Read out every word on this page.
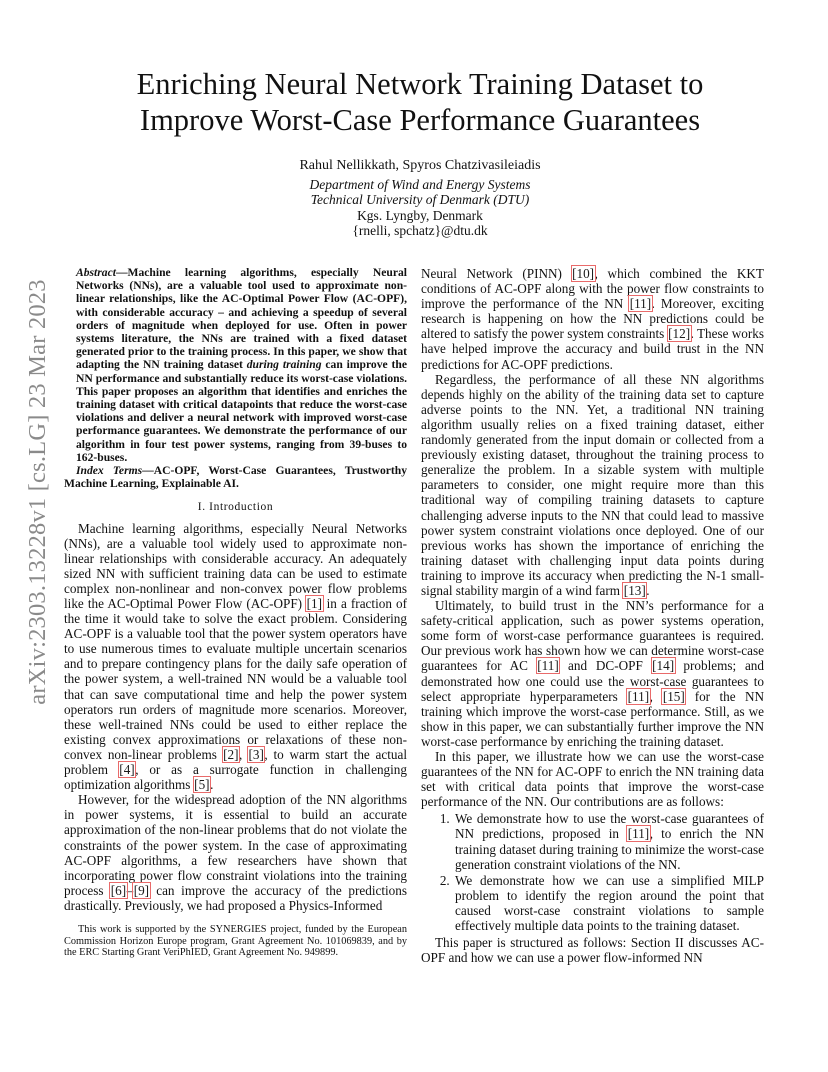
arXiv:2303.13228v1 [cs.LG] 23 Mar 2023
Enriching Neural Network Training Dataset to
Improve Worst-Case Performance Guarantees
Rahul Nellikkath, Spyros Chatzivasileiadis
Department of Wind and Energy Systems
Technical University of Denmark (DTU)
Kgs. Lyngby, Denmark
{rnelli, spchatz}@dtu.dk
Abstract—Machine learning algorithms, especially Neural Networks (NNs), are a valuable tool used to approximate non-linear relationships, like the AC-Optimal Power Flow (AC-OPF), with considerable accuracy – and achieving a speedup of several orders of magnitude when deployed for use. Often in power systems literature, the NNs are trained with a fixed dataset generated prior to the training process. In this paper, we show that adapting the NN training dataset during training can improve the NN performance and substantially reduce its worst-case violations. This paper proposes an algorithm that identifies and enriches the training dataset with critical datapoints that reduce the worst-case violations and deliver a neural network with improved worst-case performance guarantees. We demonstrate the performance of our algorithm in four test power systems, ranging from 39-buses to 162-buses.
Index Terms—AC-OPF, Worst-Case Guarantees, Trustworthy Machine Learning, Explainable AI.
I. Introduction

Machine learning algorithms, especially Neural Networks (NNs), are a valuable tool widely used to approximate non-linear relationships with considerable accuracy. An adequately sized NN with sufficient training data can be used to estimate complex non-nonlinear and non-convex power flow problems like the AC-Optimal Power Flow (AC-OPF) [1] in a fraction of the time it would take to solve the exact problem. Considering AC-OPF is a valuable tool that the power system operators have to use numerous times to evaluate multiple uncertain scenarios and to prepare contingency plans for the daily safe operation of the power system, a well-trained NN would be a valuable tool that can save computational time and help the power system operators run orders of magnitude more scenarios. Moreover, these well-trained NNs could be used to either replace the existing convex approximations or relaxations of these non-convex non-linear problems [2], [3], to warm start the actual problem [4], or as a surrogate function in challenging optimization algorithms [5].

However, for the widespread adoption of the NN algorithms in power systems, it is essential to build an accurate approximation of the non-linear problems that do not violate the constraints of the power system. In the case of approximating AC-OPF algorithms, a few researchers have shown that incorporating power flow constraint violations into the training process [6]–[9] can improve the accuracy of the predictions drastically. Previously, we had proposed a Physics-Informed

This work is supported by the SYNERGIES project, funded by the European Commission Horizon Europe program, Grant Agreement No. 101069839, and by the ERC Starting Grant VeriPhIED, Grant Agreement No. 949899.

Neural Network (PINN) [10], which combined the KKT conditions of AC-OPF along with the power flow constraints to improve the performance of the NN [11]. Moreover, exciting research is happening on how the NN predictions could be altered to satisfy the power system constraints [12]. These works have helped improve the accuracy and build trust in the NN predictions for AC-OPF predictions.

Regardless, the performance of all these NN algorithms depends highly on the ability of the training data set to capture adverse points to the NN. Yet, a traditional NN training algorithm usually relies on a fixed training dataset, either randomly generated from the input domain or collected from a previously existing dataset, throughout the training process to generalize the problem. In a sizable system with multiple parameters to consider, one might require more than this traditional way of compiling training datasets to capture challenging adverse inputs to the NN that could lead to massive power system constraint violations once deployed. One of our previous works has shown the importance of enriching the training dataset with challenging input data points during training to improve its accuracy when predicting the N-1 small-signal stability margin of a wind farm [13].

Ultimately, to build trust in the NN’s performance for a safety-critical application, such as power systems operation, some form of worst-case performance guarantees is required. Our previous work has shown how we can determine worst-case guarantees for AC [11] and DC-OPF [14] problems; and demonstrated how one could use the worst-case guarantees to select appropriate hyperparameters [11], [15] for the NN training which improve the worst-case performance. Still, as we show in this paper, we can substantially further improve the NN worst-case performance by enriching the training dataset.

In this paper, we illustrate how we can use the worst-case guarantees of the NN for AC-OPF to enrich the NN training data set with critical data points that improve the worst-case performance of the NN. Our contributions are as follows:

1. We demonstrate how to use the worst-case guarantees of NN predictions, proposed in [11], to enrich the NN training dataset during training to minimize the worst-case generation constraint violations of the NN.
2. We demonstrate how we can use a simplified MILP problem to identify the region around the point that caused worst-case constraint violations to sample effectively multiple data points to the training dataset.

This paper is structured as follows: Section II discusses AC-OPF and how we can use a power flow-informed NN
